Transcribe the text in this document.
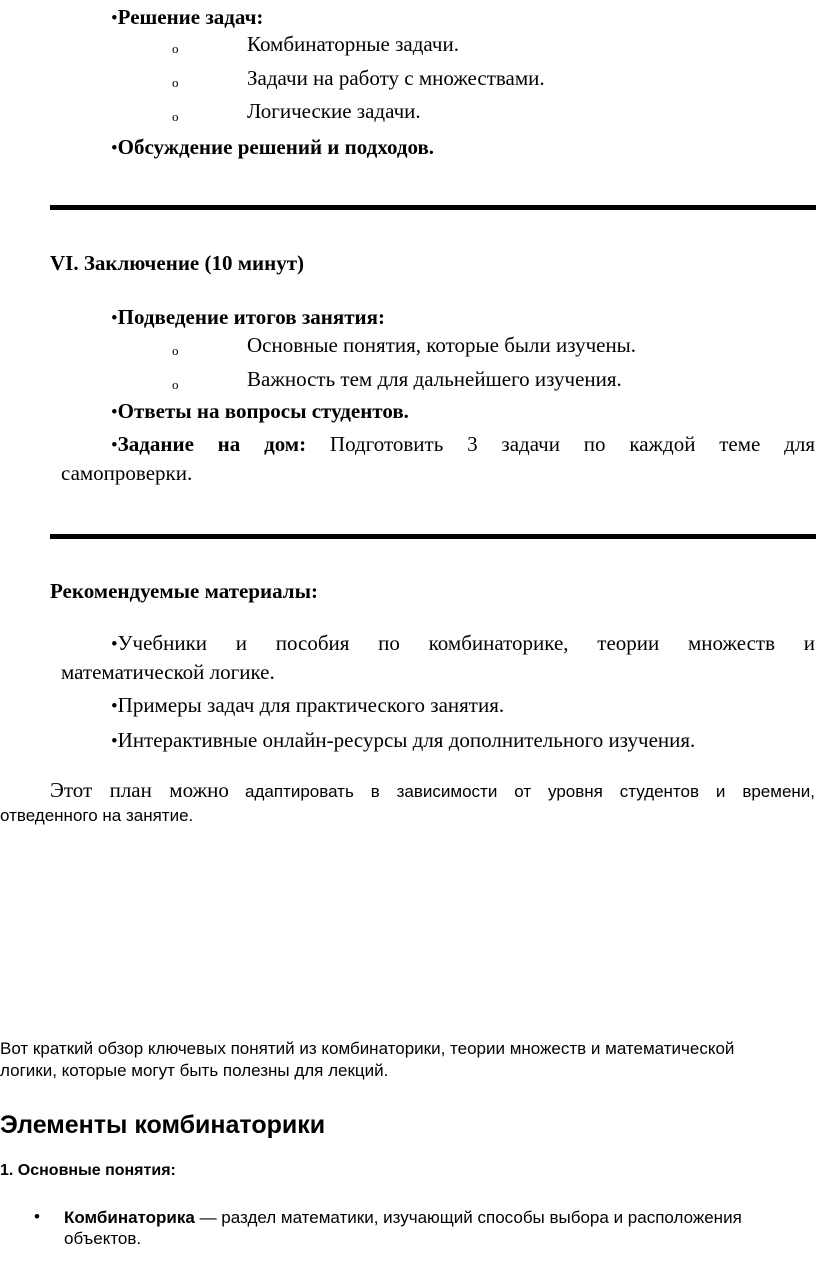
•Решение задач:
o	Комбинаторные задачи.
o	Задачи на работу с множествами.
o	Логические задачи.
•Обсуждение решений и подходов.
VI. Заключение (10 минут)
•Подведение итогов занятия:
o	Основные понятия, которые были изучены.
o	Важность тем для дальнейшего изучения.
•Ответы на вопросы студентов.
•Задание на дом: Подготовить 3 задачи по каждой теме для
самопроверки.
Рекомендуемые материалы:
•Учебники и пособия по комбинаторике, теории множеств и
математической логике.
•Примеры задач для практического занятия.
•Интерактивные онлайн-ресурсы для дополнительного изучения.
Этот план можно адаптировать в зависимости от уровня студентов и времени,
отведенного на занятие.
Вот краткий обзор ключевых понятий из комбинаторики, теории множеств и математической
логики, которые могут быть полезны для лекций.
Элементы комбинаторики
1. Основные понятия:
• Комбинаторика — раздел математики, изучающий способы выбора и расположения
объектов.
